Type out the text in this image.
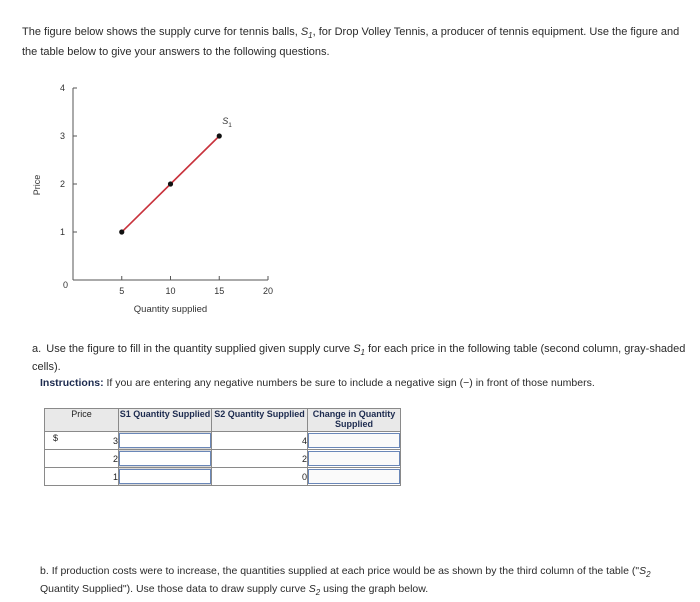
The figure below shows the supply curve for tennis balls, $S_1$, for Drop Volley Tennis, a producer of tennis equipment. Use the figure and the table below to give your answers to the following questions.
1
2
3
4
5	10	15	20
0
Price
Quantity supplied
S 1
a. Use the figure to fill in the quantity supplied given supply curve $S_1$ for each price in the following table (second column, gray-shaded cells).
Instructions: If you are entering any negative numbers be sure to include a negative sign (−) in front of those numbers.
Price	S1 Quantity Supplied	S2 Quantity Supplied	Change in Quantity Supplied

$ 3		4	

2		2	

1		0	
b. If production costs were to increase, the quantities supplied at each price would be as shown by the third column of the table ("$S_2$ Quantity Supplied"). Use those data to draw supply curve $S_2$ using the graph below.
